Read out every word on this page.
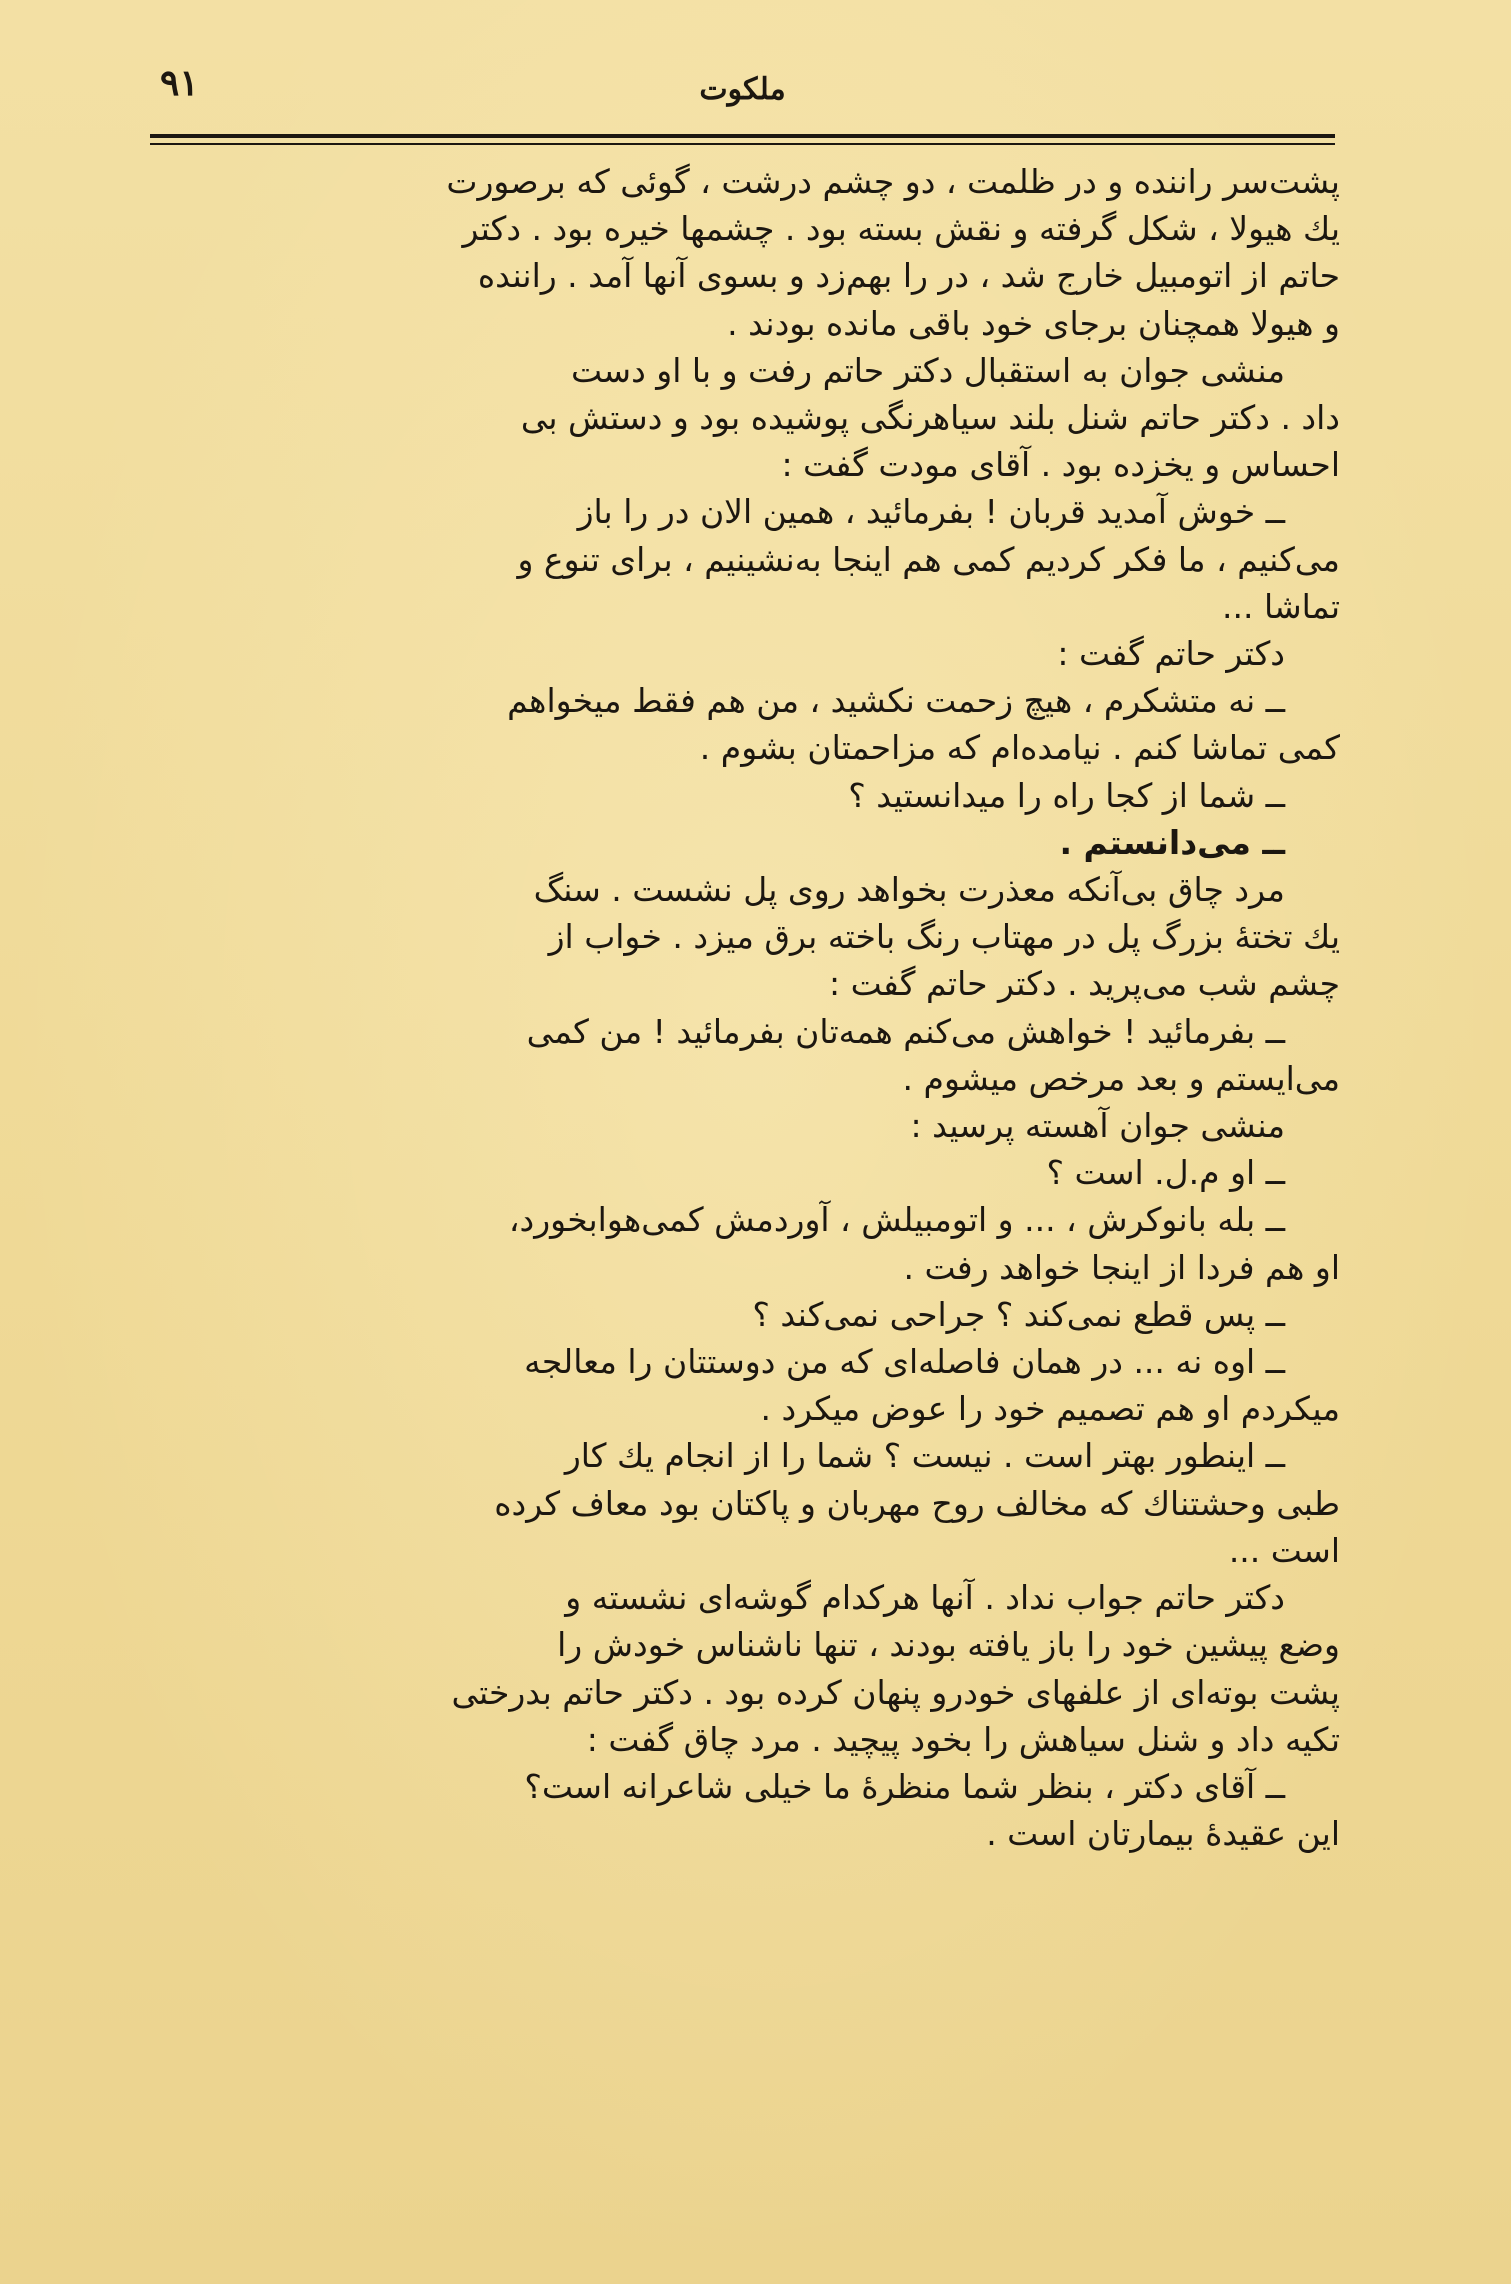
۹۱	ملکوت
پشت‌سر راننده و در ظلمت ، دو چشم درشت ، گوئی که برصورت
یك هیولا ، شکل گرفته و نقش بسته بود . چشمها خیره بود . دکتر
حاتم از اتومبیل خارج شد ، در را بهم‌زد و بسوی آنها آمد . راننده
و هیولا همچنان برجای خود باقی مانده بودند .
منشی جوان به استقبال دکتر حاتم رفت و با او دست
داد . دکتر حاتم شنل بلند سیاهرنگی پوشیده بود و دستش بی
احساس و یخزده بود . آقای مودت گفت :
ــ خوش آمدید قربان ! بفرمائید ، همین الان در را باز
می‌کنیم ، ما فکر کردیم کمی هم اینجا به‌نشینیم ، برای تنوع و
تماشا ...
دکتر حاتم گفت :
ــ نه متشکرم ، هیچ زحمت نکشید ، من هم فقط میخواهم
کمی تماشا کنم . نیامده‌ام که مزاحمتان بشوم .
ــ شما از کجا راه را میدانستید ؟
ــ می‌دانستم .
مرد چاق بی‌آنکه معذرت بخواهد روی پل نشست . سنگ
یك تختهٔ بزرگ پل در مهتاب رنگ باخته برق میزد . خواب از
چشم شب می‌پرید . دکتر حاتم گفت :
ــ بفرمائید ! خواهش می‌کنم همه‌تان بفرمائید ! من کمی
می‌ایستم و بعد مرخص میشوم .
منشی جوان آهسته پرسید :
ــ او م.ل. است ؟
ــ بله بانوکرش ، ... و اتومبیلش ، آوردمش کمی‌هوابخورد،
او هم فردا از اینجا خواهد رفت .
ــ پس قطع نمی‌کند ؟ جراحی نمی‌کند ؟
ــ اوه نه ... در همان فاصله‌ای که من دوستتان را معالجه
میکردم او هم تصمیم خود را عوض میکرد .
ــ اینطور بهتر است . نیست ؟ شما را از انجام یك کار
طبی وحشتناك که مخالف روح مهربان و پاکتان بود معاف کرده
است ...
دکتر حاتم جواب نداد . آنها هرکدام گوشه‌ای نشسته و
وضع پیشین خود را باز یافته بودند ، تنها ناشناس خودش را
پشت بوته‌ای از علفهای خودرو پنهان کرده بود . دکتر حاتم بدرختی
تکیه داد و شنل سیاهش را بخود پیچید . مرد چاق گفت :
ــ آقای دکتر ، بنظر شما منظرهٔ ما خیلی شاعرانه است؟
این عقیدهٔ بیمارتان است .
